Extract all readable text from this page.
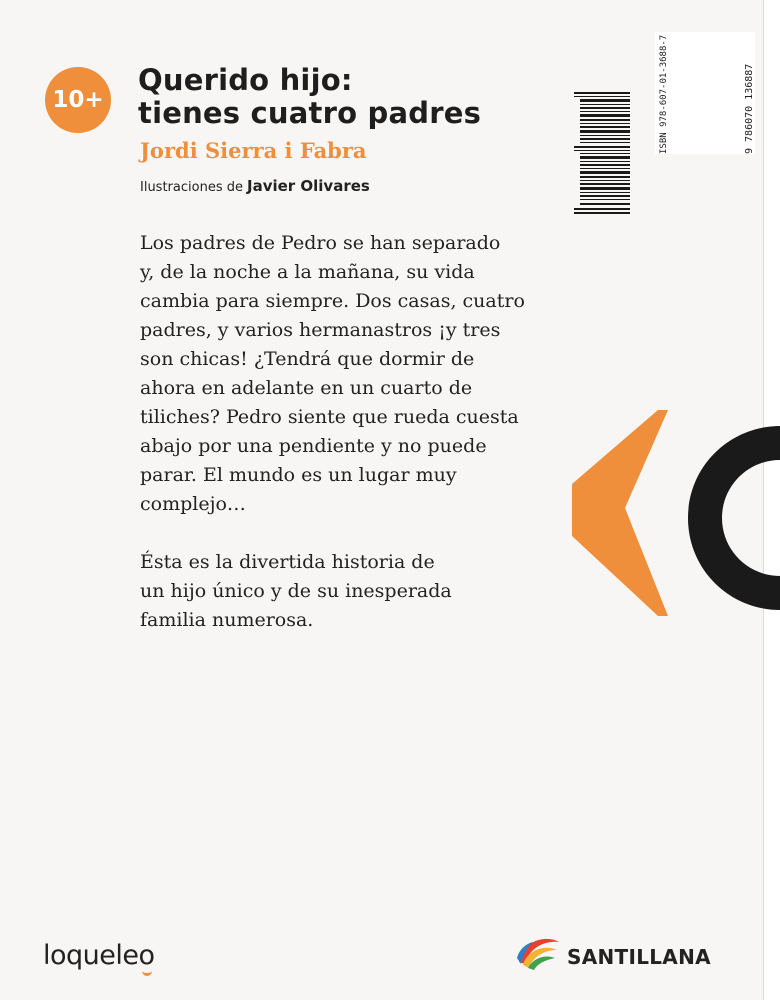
10+
Querido hijo:
tienes cuatro padres
Jordi Sierra i Fabra
Ilustraciones de Javier Olivares

Los padres de Pedro se han separado

y, de la noche a la mañana, su vida

cambia para siempre. Dos casas, cuatro

padres, y varios hermanastros ¡y tres

son chicas! ¿Tendrá que dormir de

ahora en adelante en un cuarto de

tiliches? Pedro siente que rueda cuesta

abajo por una pendiente y no puede

parar. El mundo es un lugar muy

complejo…

Ésta es la divertida historia de

un hijo único y de su inesperada

familia numerosa.

ISBN 978-607-01-3688-7	9 786070 136887
loqueleo	SANTILLANA
